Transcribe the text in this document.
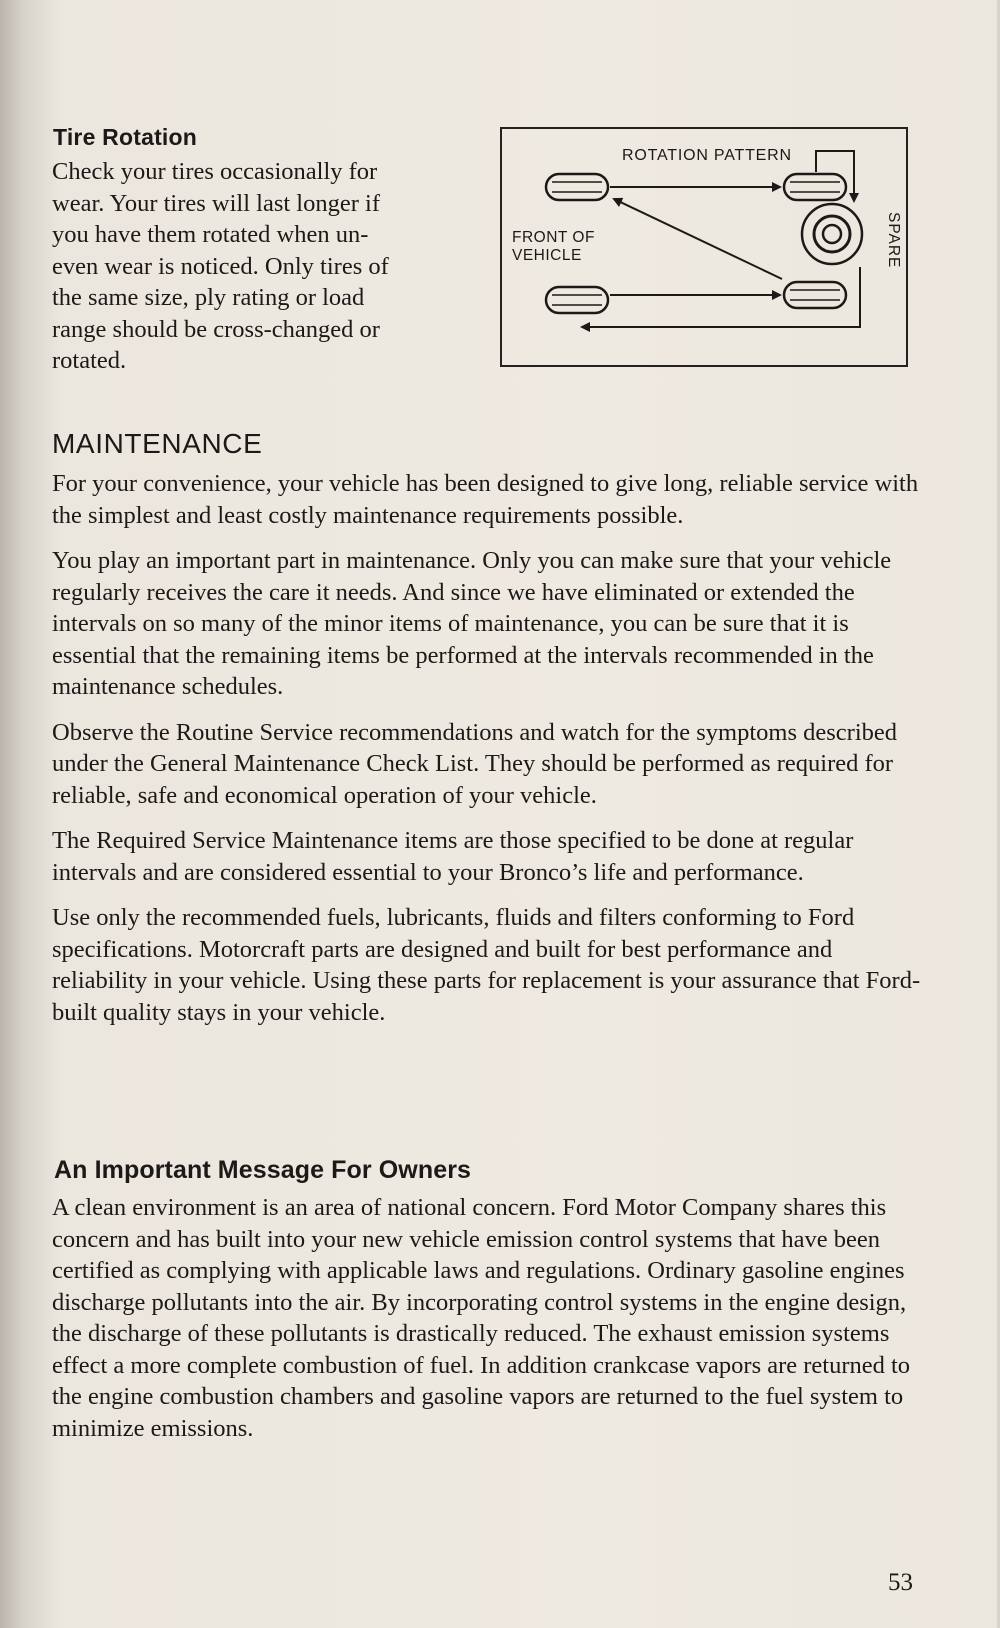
Tire Rotation
Check your tires occasionally for
wear. Your tires will last longer if
you have them rotated when un-
even wear is noticed. Only tires of
the same size, ply rating or load
range should be cross-changed or
rotated.
ROTATION PATTERN
FRONT OF VEHICLE	SPARE
MAINTENANCE

For your convenience, your vehicle has been designed to give long, reliable service with the simplest and least costly maintenance requirements possible.

You play an important part in maintenance. Only you can make sure that your vehicle regularly receives the care it needs. And since we have eliminated or extended the intervals on so many of the minor items of maintenance, you can be sure that it is essential that the remaining items be performed at the intervals recommended in the maintenance schedules.

Observe the Routine Service recommendations and watch for the symptoms described under the General Maintenance Check List. They should be performed as required for reliable, safe and economical operation of your vehicle.

The Required Service Maintenance items are those specified to be done at regular intervals and are considered essential to your Bronco’s life and performance.

Use only the recommended fuels, lubricants, fluids and filters conforming to Ford specifications. Motorcraft parts are designed and built for best performance and reliability in your vehicle. Using these parts for replacement is your assurance that Ford-built quality stays in your vehicle.

An Important Message For Owners

A clean environment is an area of national concern. Ford Motor Company shares this concern and has built into your new vehicle emission control systems that have been certified as complying with applicable laws and regulations. Ordinary gasoline engines discharge pollutants into the air. By incorporating control systems in the engine design, the discharge of these pollutants is drastically reduced. The exhaust emission systems effect a more complete combustion of fuel. In addition crankcase vapors are returned to the engine combustion chambers and gasoline vapors are returned to the fuel system to minimize emissions.

53
